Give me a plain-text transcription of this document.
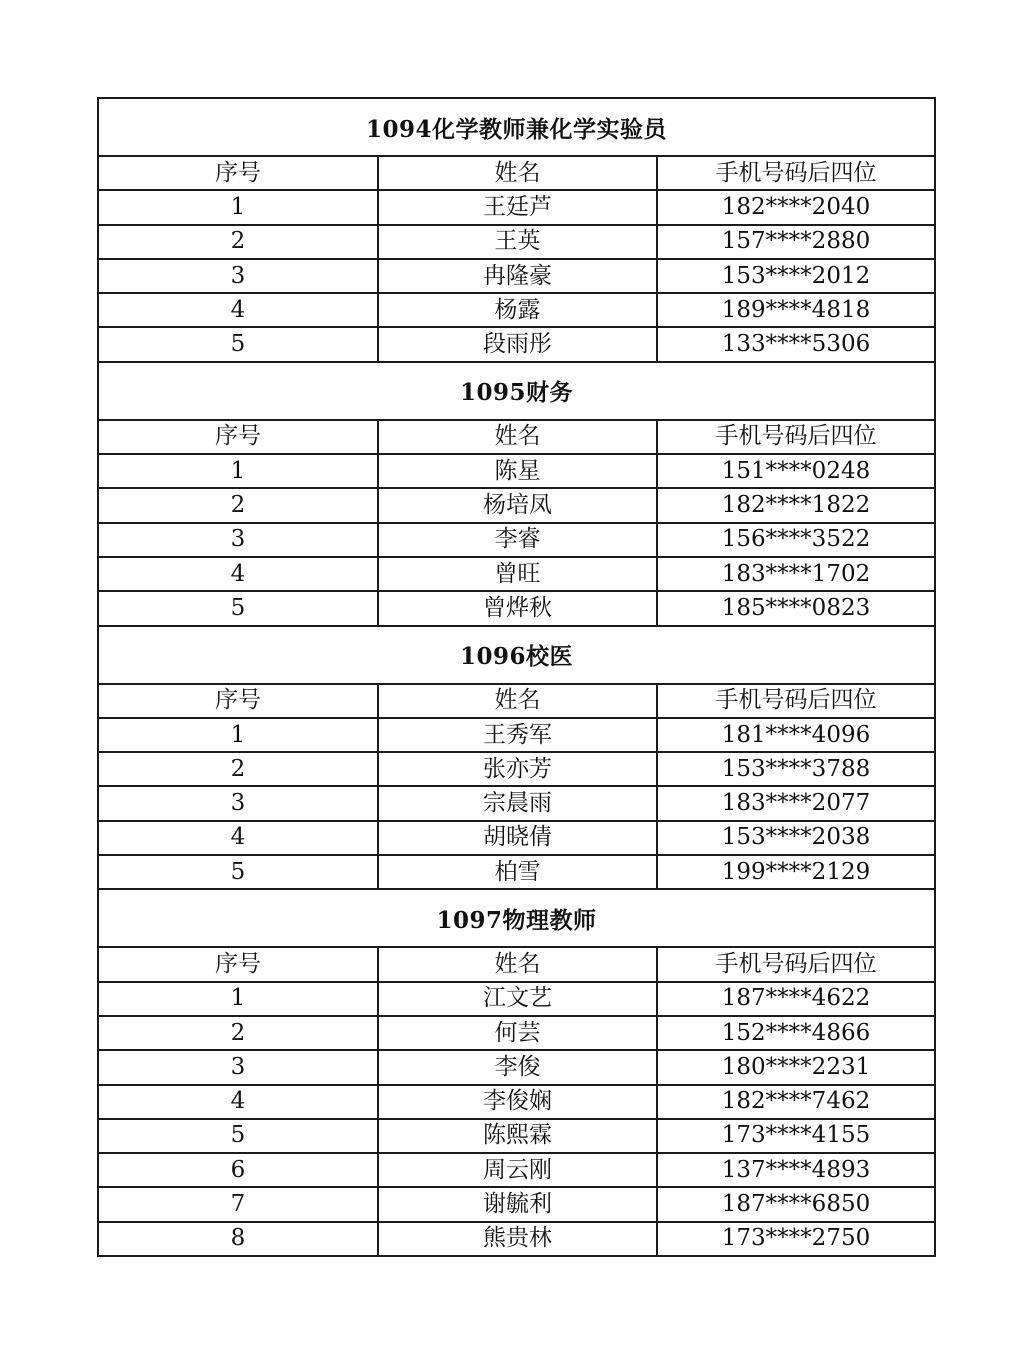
1094化学教师兼化学实验员
序号	姓名	手机号码后四位
1	王廷芦	182****2040
2	王英	157****2880
3	冉隆豪	153****2012
4	杨露	189****4818
5	段雨彤	133****5306
1095财务
序号	姓名	手机号码后四位
1	陈星	151****0248
2	杨培凤	182****1822
3	李睿	156****3522
4	曾旺	183****1702
5	曾烨秋	185****0823
1096校医
序号	姓名	手机号码后四位
1	王秀军	181****4096
2	张亦芳	153****3788
3	宗晨雨	183****2077
4	胡晓倩	153****2038
5	柏雪	199****2129
1097物理教师
序号	姓名	手机号码后四位
1	江文艺	187****4622
2	何芸	152****4866
3	李俊	180****2231
4	李俊娴	182****7462
5	陈熙霖	173****4155
6	周云刚	137****4893
7	谢毓利	187****6850
8	熊贵林	173****2750
